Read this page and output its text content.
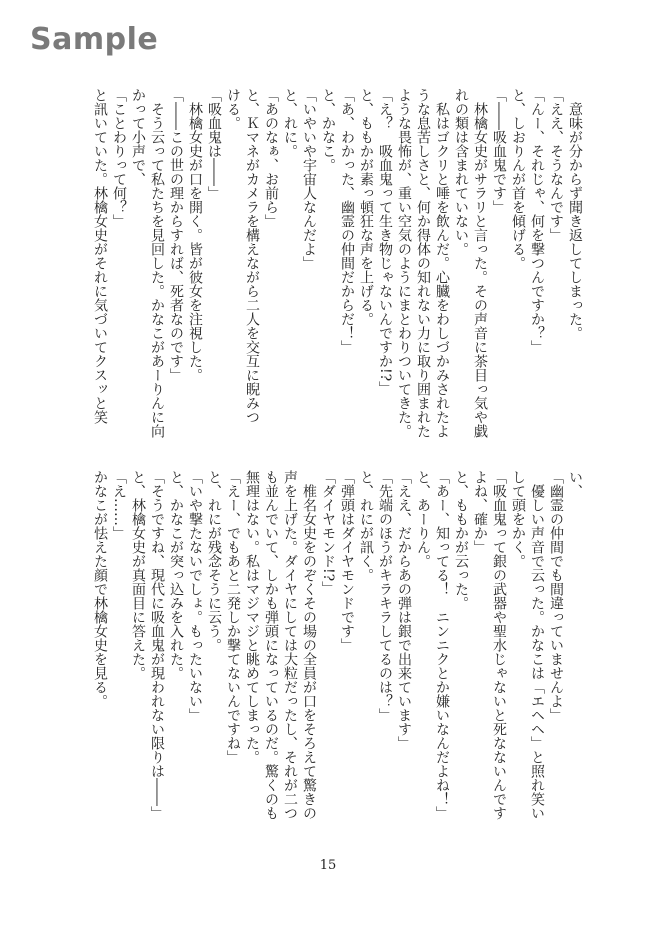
Sample
　意味が分からず聞き返してしまった。
「ええ、そうなんです」
「んー、それじゃ、何を撃つんですか？」
と、しおりんが首を傾げる。
「――吸血鬼です」
　林檎女史がサラリと言った。その声音に茶目っ気や戯
れの類は含まれていない。
　私はゴクリと唾を飲んだ。心臓をわしづかみされたよ
うな息苦しさと、何か得体の知れない力に取り囲まれた
ような畏怖が、重い空気のようにまとわりついてきた。
「え？　吸血鬼って生き物じゃないんですか!?」
と、ももかが素っ頓狂な声を上げる。
「あ、わかった、幽霊の仲間だからだ！」
と、かなこ。
「いやいや宇宙人なんだよ」
と、れに。
「あのなぁ、お前ら」
と、Ｋマネがカメラを構えながら二人を交互に睨みつ
ける。
「吸血鬼は――」
　林檎女史が口を開く。皆が彼女を注視した。
「――この世の理からすれば、死者なのです」
　そう云って私たちを見回した。かなこがあーりんに向
かって小声で、
「ことわりって何？」
と訊いていた。林檎女史がそれに気づいてクスッと笑
い、
「幽霊の仲間でも間違っていませんよ」
　優しい声音で云った。かなこは「エヘヘ」と照れ笑い
して頭をかく。
「吸血鬼って銀の武器や聖水じゃないと死なないんです
よね、確か」
と、ももかが云った。
「あー、知ってる！　ニンニクとか嫌いなんだよね！」
と、あーりん。
「ええ、だからあの弾は銀で出来ています」
「先端のほうがキラキラしてるのは？」
と、れにが訊く。
「弾頭はダイヤモンドです」
「ダイヤモンド!?」
　椎名女史をのぞくその場の全員が口をそろえて驚きの
声を上げた。ダイヤにしては大粒だったし、それが二つ
も並んでいて、しかも弾頭になっているのだ。驚くのも
無理はない。私はマジマジと眺めてしまった。
「えー、でもあと二発しか撃てないんですね」
と、れにが残念そうに云う。
「いや撃たないでしょ。もったいない」
と、かなこが突っ込みを入れた。
「そうですね、現代に吸血鬼が現われない限りは――」
と、林檎女史が真面目に答えた。
「え……」
かなこが怯えた顔で林檎女史を見る。
15
